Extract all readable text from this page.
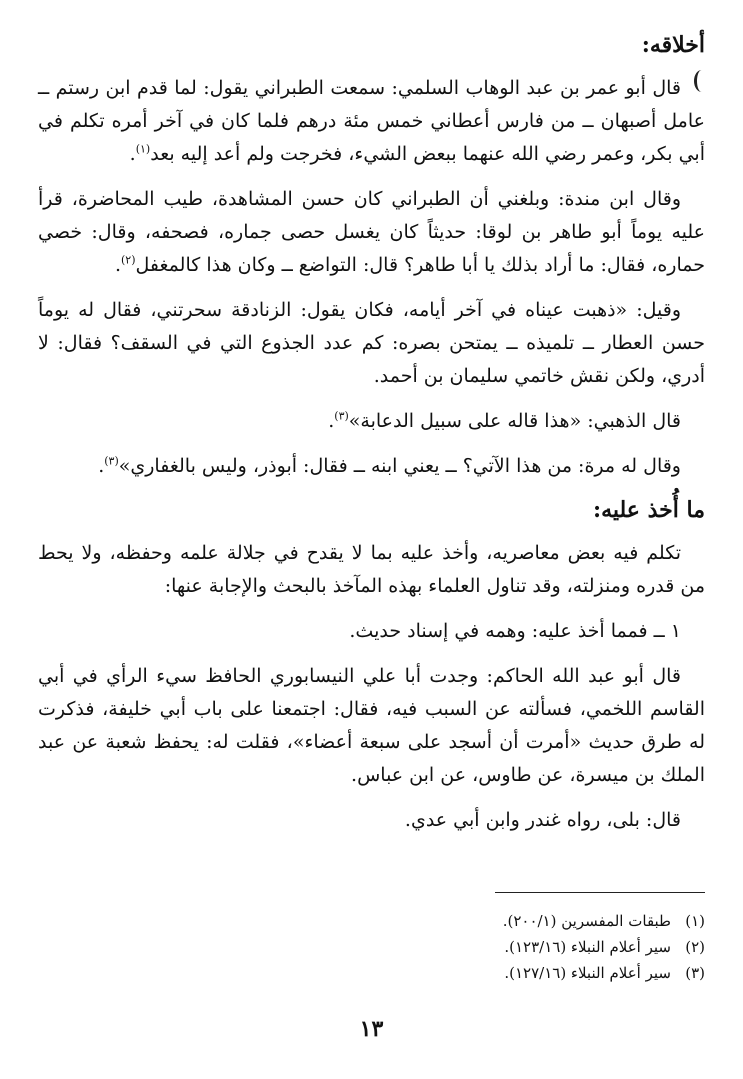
أخلاقه:

قال أبو عمر بن عبد الوهاب السلمي: سمعت الطبراني يقول: لما قدم ابن رستم ــ عامل أصبهان ــ من فارس أعطاني خمس مئة درهم فلما كان في آخر أمره تكلم في أبي بكر، وعمر رضي الله عنهما ببعض الشيء، فخرجت ولم أعد إليه بعد$^{(١)}$.

وقال ابن مندة: وبلغني أن الطبراني كان حسن المشاهدة، طيب المحاضرة، قرأ عليه يوماً أبو طاهر بن لوقا: حديثاً كان يغسل حصى جماره، فصحفه، وقال: خصي حماره، فقال: ما أراد بذلك يا أبا طاهر؟ قال: التواضع ــ وكان هذا كالمغفل$^{(٢)}$.

وقيل: «ذهبت عيناه في آخر أيامه، فكان يقول: الزنادقة سحرتني، فقال له يوماً حسن العطار ــ تلميذه ــ يمتحن بصره: كم عدد الجذوع التي في السقف؟ فقال: لا أدري، ولكن نقش خاتمي سليمان بن أحمد.

قال الذهبي: «هذا قاله على سبيل الدعابة»$^{(٣)}$.

وقال له مرة: من هذا الآتي؟ ــ يعني ابنه ــ فقال: أبوذر، وليس بالغفاري»$^{(٣)}$.

ما أُخذ عليه:

تكلم فيه بعض معاصريه، وأخذ عليه بما لا يقدح في جلالة علمه وحفظه، ولا يحط من قدره ومنزلته، وقد تناول العلماء بهذه المآخذ بالبحث والإجابة عنها:

١ ــ فمما أخذ عليه: وهمه في إسناد حديث.

قال أبو عبد الله الحاكم: وجدت أبا علي النيسابوري الحافظ سيء الرأي في أبي القاسم اللخمي، فسألته عن السبب فيه، فقال: اجتمعنا على باب أبي خليفة، فذكرت له طرق حديث «أمرت أن أسجد على سبعة أعضاء»، فقلت له: يحفظ شعبة عن عبد الملك بن ميسرة، عن طاوس، عن ابن عباس.

قال: بلى، رواه غندر وابن أبي عدي.

(١)طبقات المفسرين (٢٠٠/١).

(٢)سير أعلام النبلاء (١٢٣/١٦).

(٣)سير أعلام النبلاء (١٢٧/١٦).

١٣
